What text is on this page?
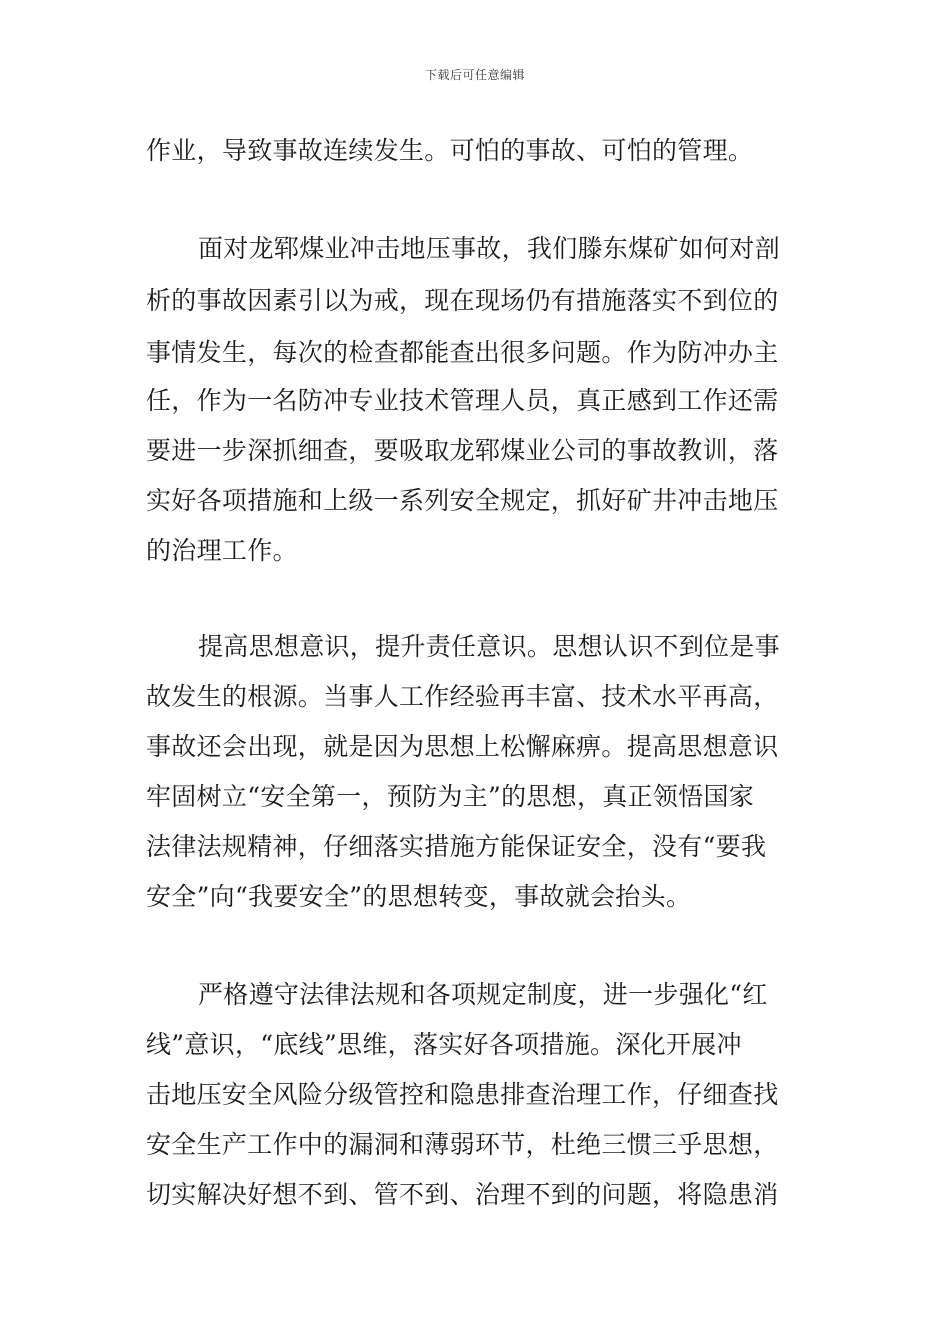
下载后可任意编辑
作业，导致事故连续发生。可怕的事故、可怕的管理。
面对龙郓煤业冲击地压事故，我们滕东煤矿如何对剖
析的事故因素引以为戒，现在现场仍有措施落实不到位的
事情发生，每次的检查都能查出很多问题。作为防冲办主
任，作为一名防冲专业技术管理人员，真正感到工作还需
要进一步深抓细查，要吸取龙郓煤业公司的事故教训，落
实好各项措施和上级一系列安全规定，抓好矿井冲击地压
的治理工作。
提高思想意识，提升责任意识。思想认识不到位是事
故发生的根源。当事人工作经验再丰富、技术水平再高，
事故还会出现，就是因为思想上松懈麻痹。提高思想意识
牢固树立“安全第一，预防为主”的思想，真正领悟国家
法律法规精神，仔细落实措施方能保证安全，没有“要我
安全”向“我要安全”的思想转变，事故就会抬头。
严格遵守法律法规和各项规定制度，进一步强化“红
线”意识，“底线”思维，落实好各项措施。深化开展冲
击地压安全风险分级管控和隐患排查治理工作，仔细查找
安全生产工作中的漏洞和薄弱环节，杜绝三惯三乎思想，
切实解决好想不到、管不到、治理不到的问题，将隐患消
